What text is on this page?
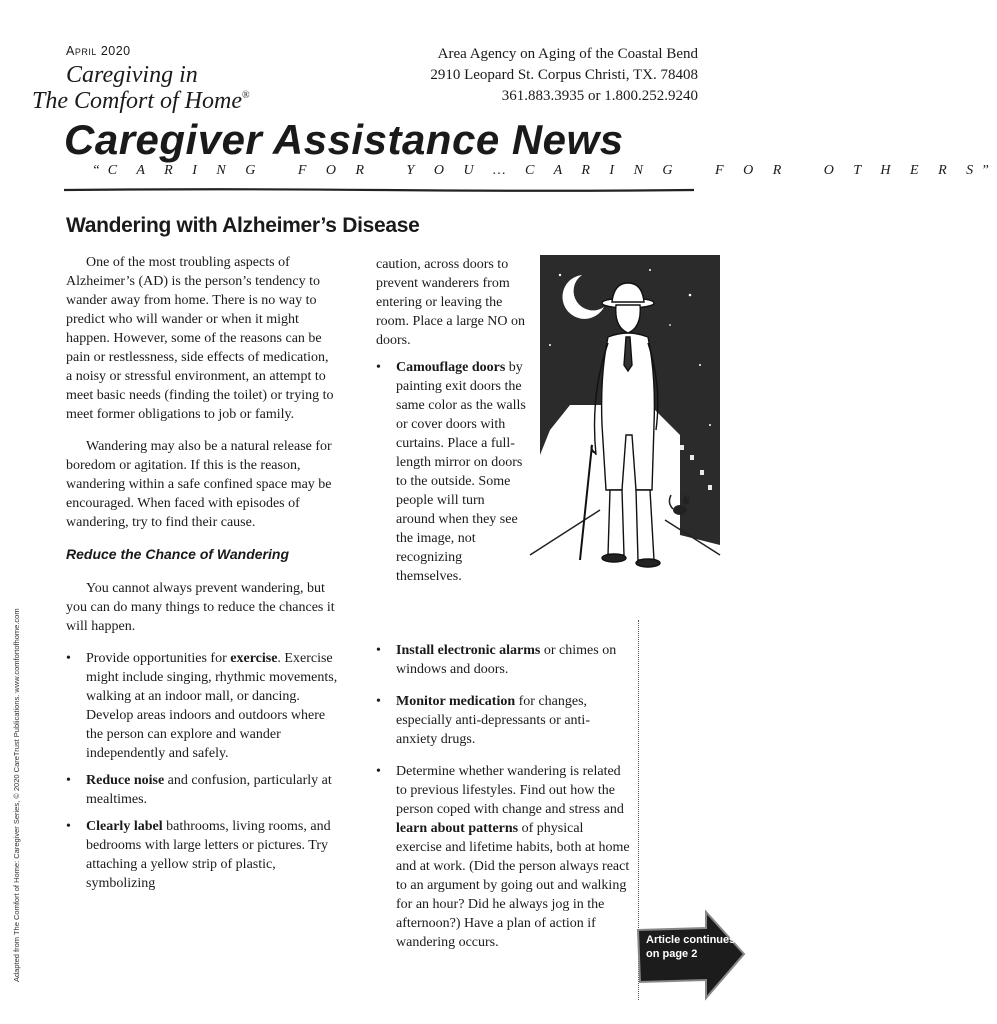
April 2020
Caregiving in
The Comfort of Home®
Area Agency on Aging of the Coastal Bend
2910 Leopard St. Corpus Christi, TX. 78408
361.883.3935 or 1.800.252.9240
Caregiver Assistance News
“C A R I N G   F O R   Y O U … C A R I N G   F O R   O T H E R S”
Wandering with Alzheimer’s Disease

One of the most troubling aspects of Alzheimer’s (AD) is the person’s tendency to wander away from home. There is no way to predict who will wander or when it might happen. However, some of the reasons can be pain or restlessness, side effects of medication, a noisy or stressful environment, an attempt to meet basic needs (finding the toilet) or trying to meet former obligations to job or family.

Wandering may also be a natural release for boredom or agitation. If this is the reason, wandering within a safe confined space may be encouraged. When faced with episodes of wandering, try to find their cause.

Reduce the Chance of Wandering

You cannot always prevent wandering, but you can do many things to reduce the chances it will happen.

• Provide opportunities for exercise. Exercise might include singing, rhythmic movements, walking at an indoor mall, or dancing. Develop areas indoors and outdoors where the person can explore and wander independently and safely.
• Reduce noise and confusion, particularly at mealtimes.
• Clearly label bathrooms, living rooms, and bedrooms with large letters or pictures. Try attaching a yellow strip of plastic, symbolizing

caution, across doors to prevent wanderers from entering or leaving the room. Place a large NO on doors.

• Camouflage doors by painting exit doors the same color as the walls or cover doors with curtains. Place a full-length mirror on doors to the outside. Some people will turn around when they see the image, not recognizing themselves.
• Install electronic alarms or chimes on windows and doors.
• Monitor medication for changes, especially anti-depressants or anti-anxiety drugs.
• Determine whether wandering is related to previous lifestyles. Find out how the person coped with change and stress and learn about patterns of physical exercise and lifetime habits, both at home and at work. (Did the person always react to an argument by going out and walking for an hour? Did he always jog in the afternoon?) Have a plan of action if wandering occurs.
Adapted from The Comfort of Home: Caregiver Series, © 2020 CareTrust Publications. www.comfortofhome.com	Article continues
on page 2
